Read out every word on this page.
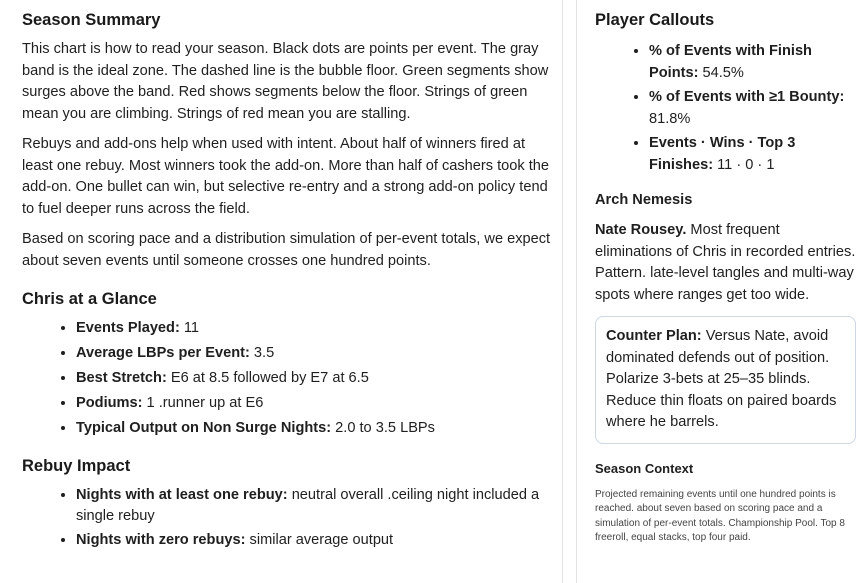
Season Summary

This chart is how to read your season. Black dots are points per event. The gray band is the ideal zone. The dashed line is the bubble floor. Green segments show surges above the band. Red shows segments below the floor. Strings of green mean you are climbing. Strings of red mean you are stalling.

Rebuys and add-ons help when used with intent. About half of winners fired at least one rebuy. Most winners took the add-on. More than half of cashers took the add-on. One bullet can win, but selective re-entry and a strong add-on policy tend to fuel deeper runs across the field.

Based on scoring pace and a distribution simulation of per-event totals, we expect about seven events until someone crosses one hundred points.

Chris at a Glance
• Events Played: 11
• Average LBPs per Event: 3.5
• Best Stretch: E6 at 8.5 followed by E7 at 6.5
• Podiums: 1 .runner up at E6
• Typical Output on Non Surge Nights: 2.0 to 3.5 LBPs
Rebuy Impact
• Nights with at least one rebuy: neutral overall .ceiling night included a single rebuy
• Nights with zero rebuys: similar average output
Player Callouts
• % of Events with Finish Points: 54.5%
• % of Events with ≥1 Bounty: 81.8%
• Events · Wins · Top 3 Finishes: 11 · 0 · 1
Arch Nemesis

Nate Rousey. Most frequent eliminations of Chris in recorded entries. Pattern. late-level tangles and multi-way spots where ranges get too wide.

Counter Plan: Versus Nate, avoid dominated defends out of position. Polarize 3-bets at 25–35 blinds. Reduce thin floats on paired boards where he barrels.
Season Context

Projected remaining events until one hundred points is reached. about seven based on scoring pace and a simulation of per-event totals. Championship Pool. Top 8 freeroll, equal stacks, top four paid.
